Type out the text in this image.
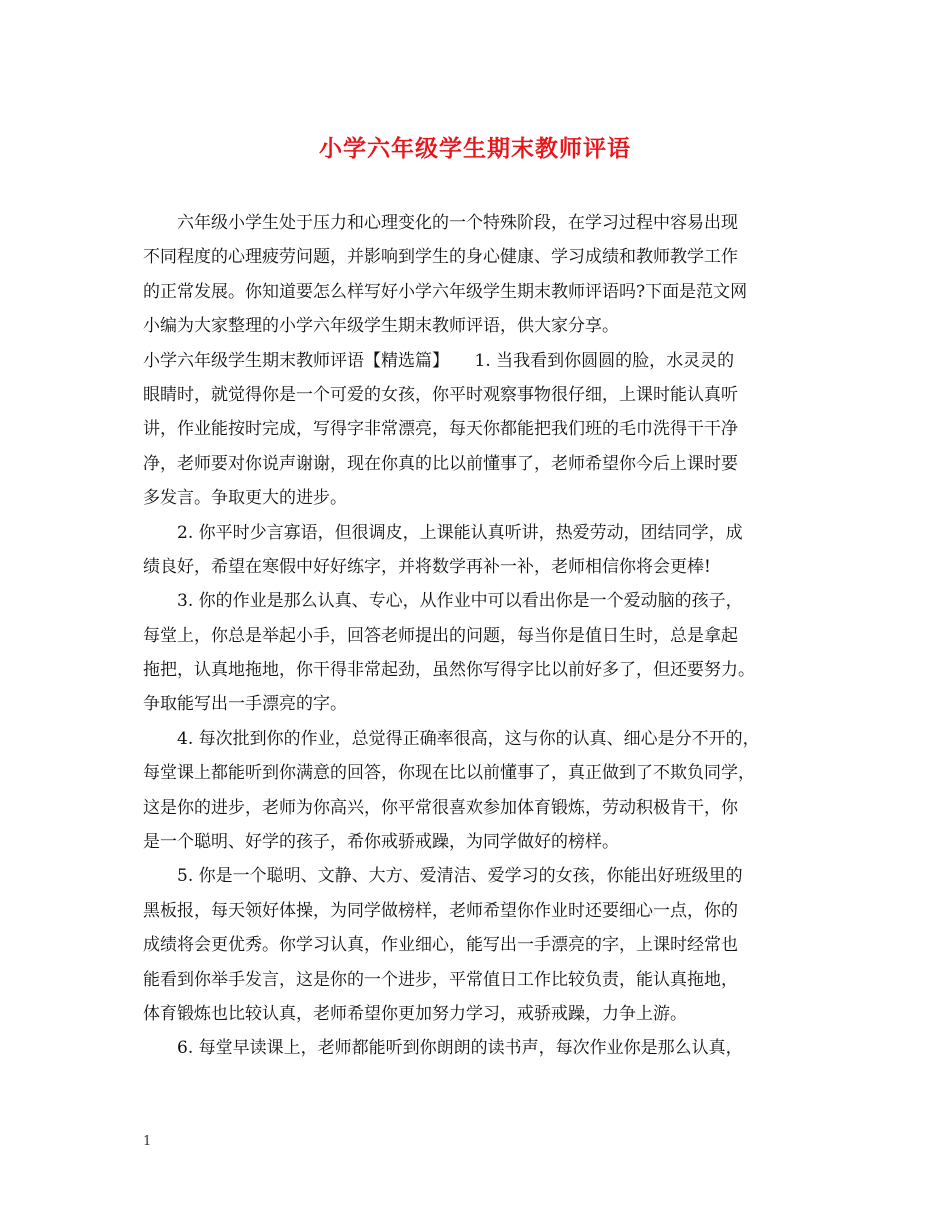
小学六年级学生期末教师评语
六年级小学生处于压力和心理变化的一个特殊阶段，在学习过程中容易出现
不同程度的心理疲劳问题，并影响到学生的身心健康、学习成绩和教师教学工作
的正常发展。你知道要怎么样写好小学六年级学生期末教师评语吗?下面是范文网
小编为大家整理的小学六年级学生期末教师评语，供大家分享。
小学六年级学生期末教师评语【精选篇】　　1. 当我看到你圆圆的脸，水灵灵的
眼睛时，就觉得你是一个可爱的女孩，你平时观察事物很仔细，上课时能认真听
讲，作业能按时完成，写得字非常漂亮，每天你都能把我们班的毛巾洗得干干净
净，老师要对你说声谢谢，现在你真的比以前懂事了，老师希望你今后上课时要
多发言。争取更大的进步。
2. 你平时少言寡语，但很调皮，上课能认真听讲，热爱劳动，团结同学，成
绩良好，希望在寒假中好好练字，并将数学再补一补，老师相信你将会更棒!
3. 你的作业是那么认真、专心，从作业中可以看出你是一个爱动脑的孩子，
每堂上，你总是举起小手，回答老师提出的问题，每当你是值日生时，总是拿起
拖把，认真地拖地，你干得非常起劲，虽然你写得字比以前好多了，但还要努力。
争取能写出一手漂亮的字。
4. 每次批到你的作业，总觉得正确率很高，这与你的认真、细心是分不开的，
每堂课上都能听到你满意的回答，你现在比以前懂事了，真正做到了不欺负同学，
这是你的进步，老师为你高兴，你平常很喜欢参加体育锻炼，劳动积极肯干，你
是一个聪明、好学的孩子，希你戒骄戒躁，为同学做好的榜样。
5. 你是一个聪明、文静、大方、爱清洁、爱学习的女孩，你能出好班级里的
黑板报，每天领好体操，为同学做榜样，老师希望你作业时还要细心一点，你的
成绩将会更优秀。你学习认真，作业细心，能写出一手漂亮的字，上课时经常也
能看到你举手发言，这是你的一个进步，平常值日工作比较负责，能认真拖地，
体育锻炼也比较认真，老师希望你更加努力学习，戒骄戒躁，力争上游。
6. 每堂早读课上，老师都能听到你朗朗的读书声，每次作业你是那么认真，
1
